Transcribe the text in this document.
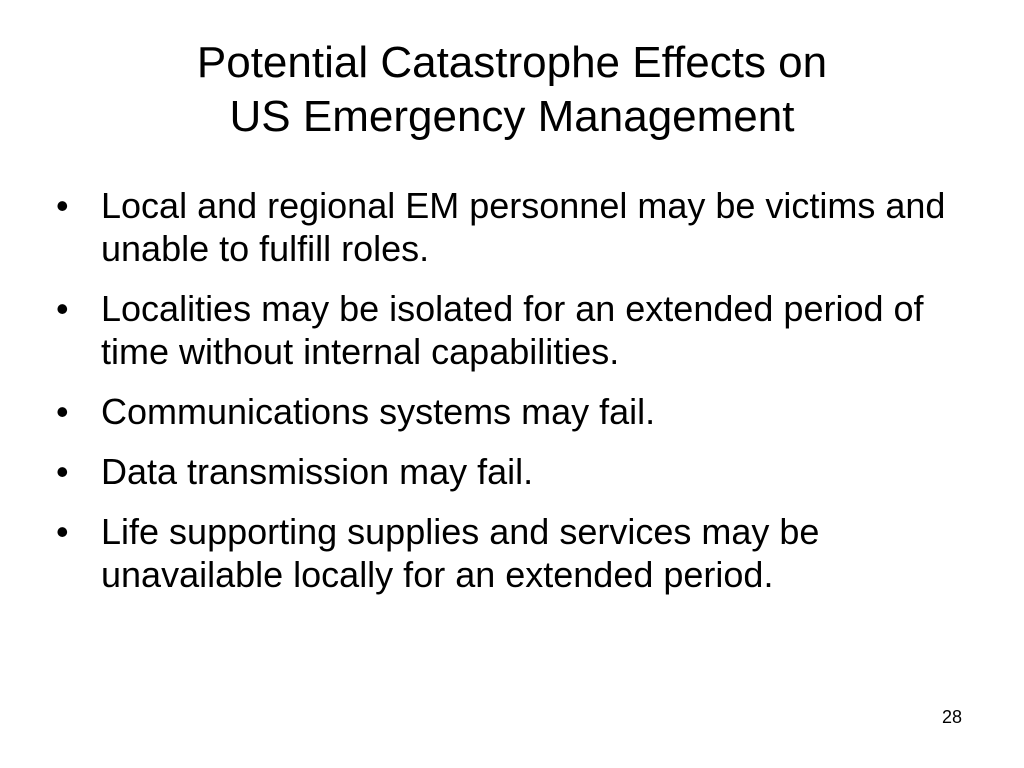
Potential Catastrophe Effects on
US Emergency Management
• Local and regional EM personnel may be victims and unable to fulfill roles.
• Localities may be isolated for an extended period of time without internal capabilities.
• Communications systems may fail.
• Data transmission may fail.
• Life supporting supplies and services may be unavailable locally for an extended period.
28
